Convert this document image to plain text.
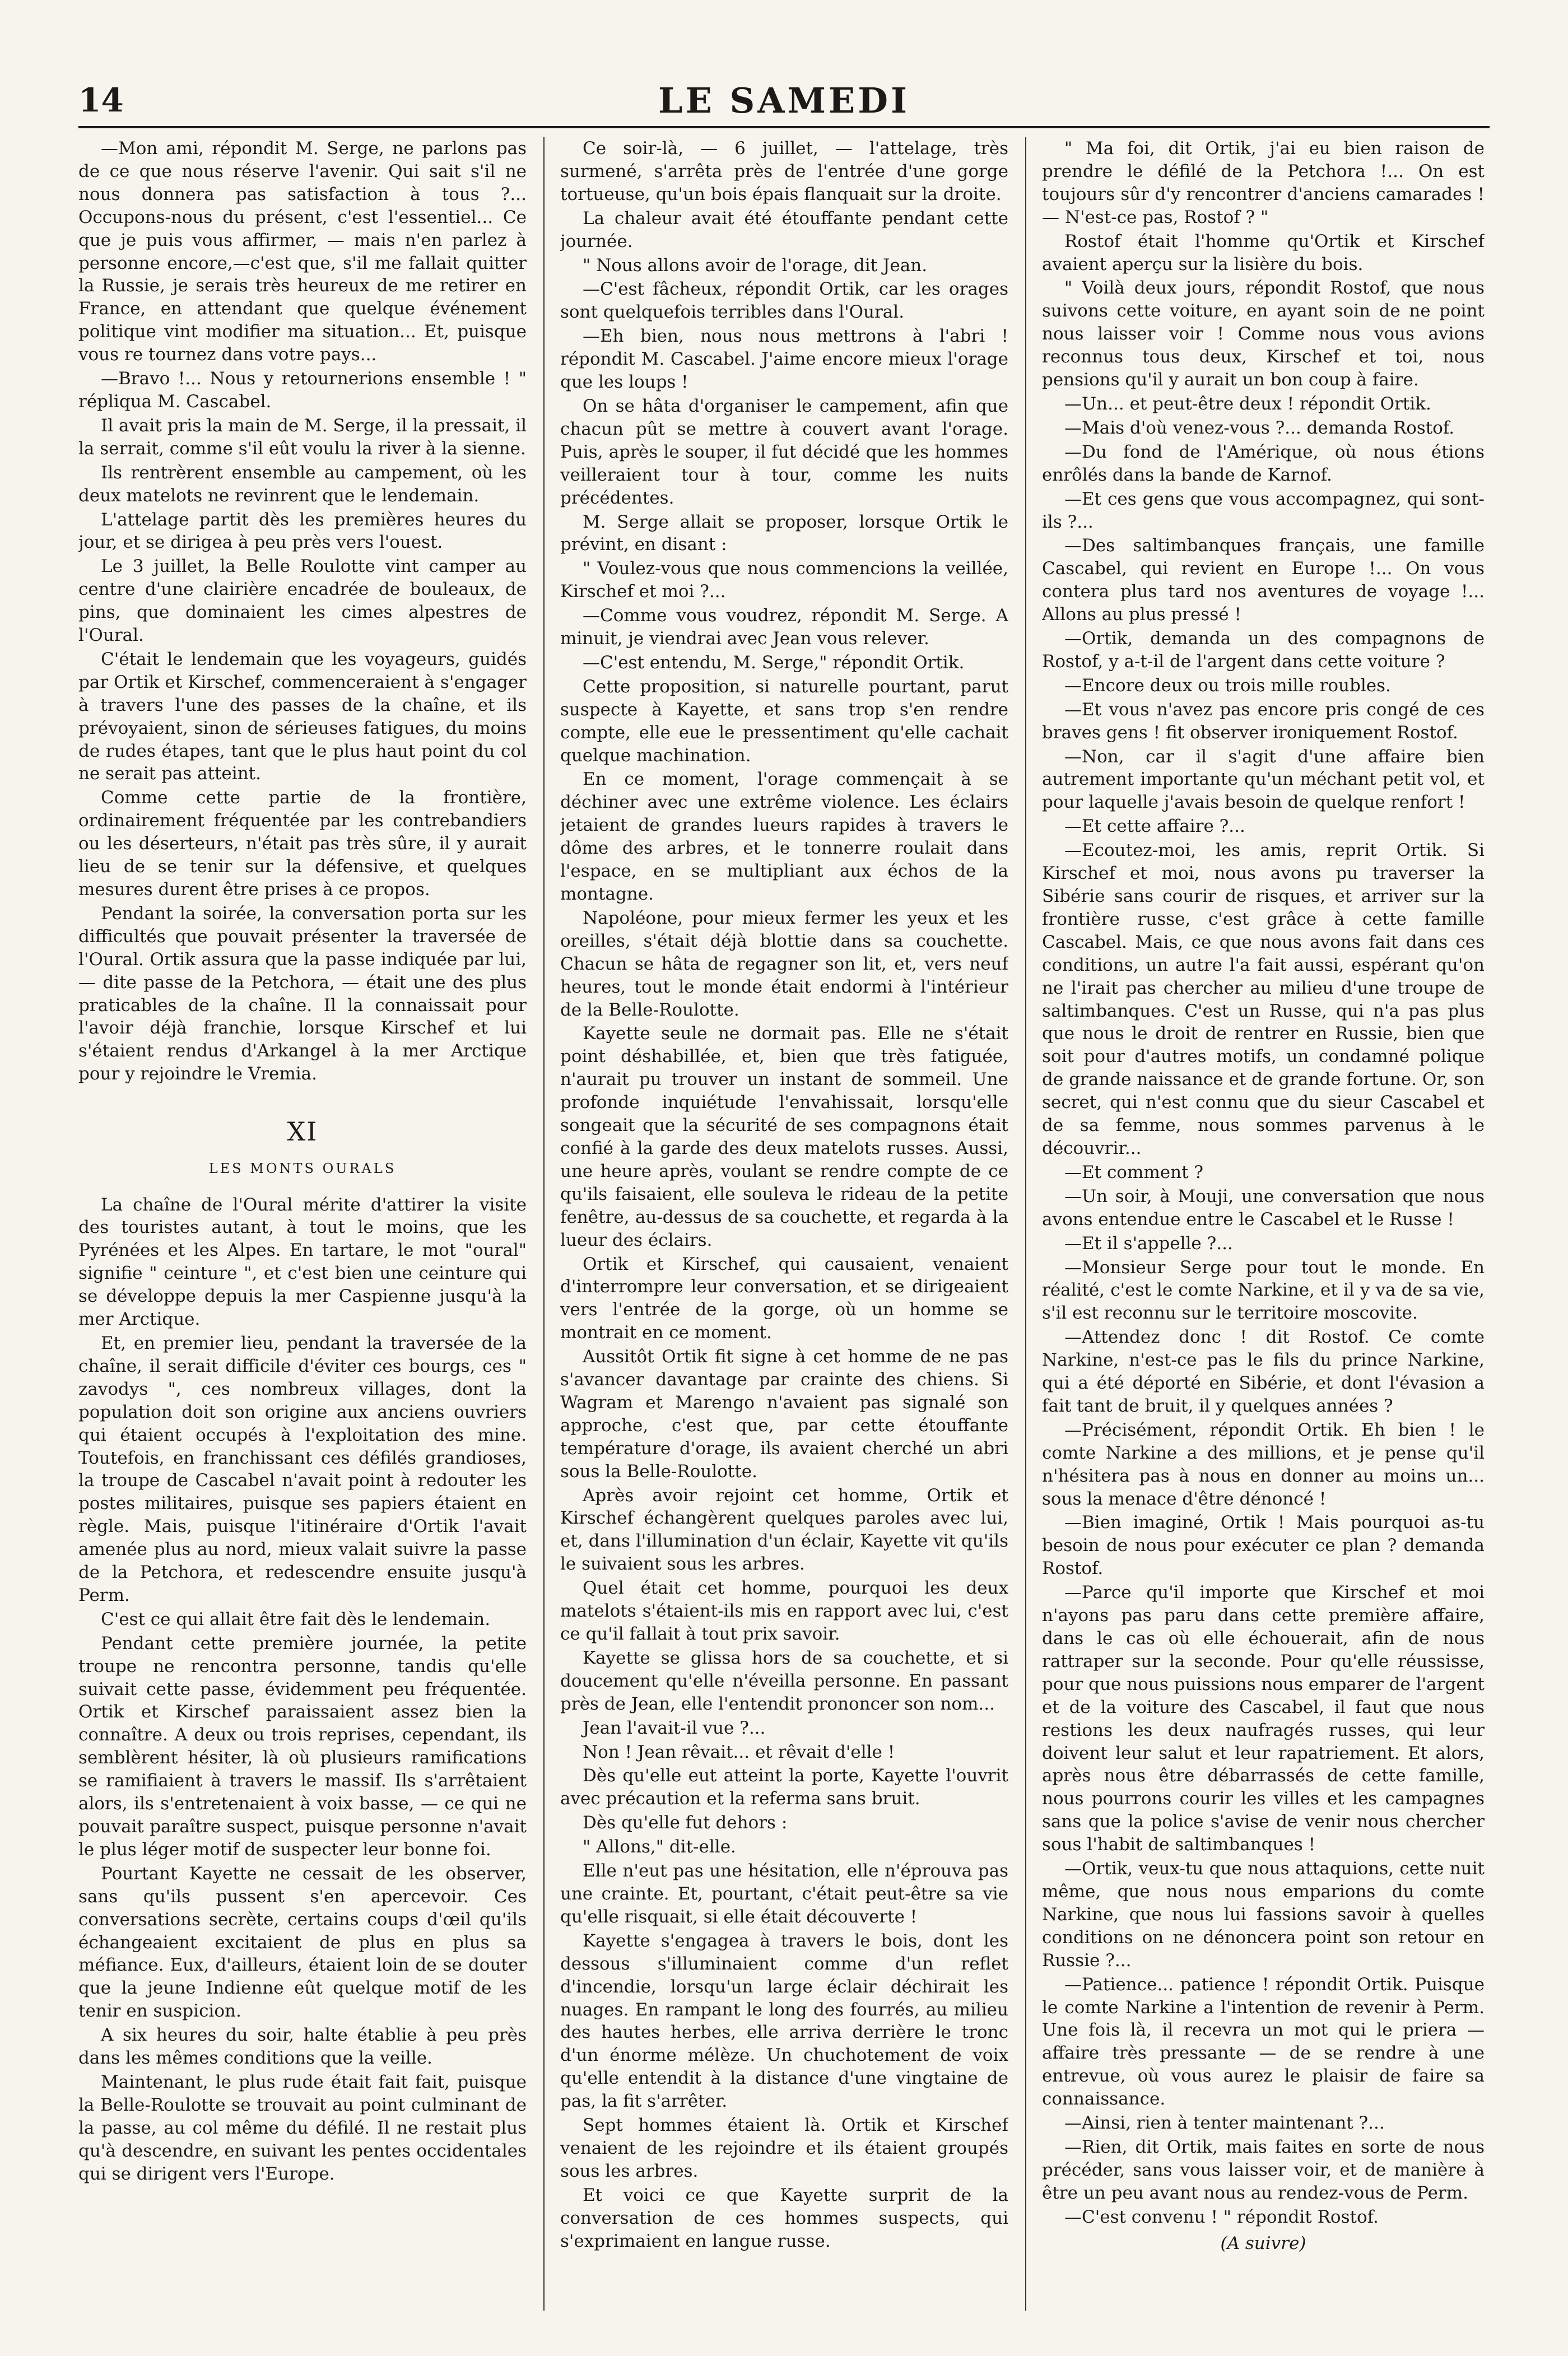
14	LE SAMEDI

—Mon ami, répondit M. Serge, ne parlons pas de ce que nous réserve l'avenir. Qui sait s'il ne nous donnera pas satisfaction à tous ?... Occupons-nous du présent, c'est l'essentiel... Ce que je puis vous affirmer, — mais n'en parlez à personne encore,—c'est que, s'il me fallait quitter la Russie, je serais très heureux de me retirer en France, en attendant que quelque événement politique vint modifier ma situation... Et, puisque vous re tournez dans votre pays...

—Bravo !... Nous y retournerions ensemble ! " répliqua M. Cascabel.

Il avait pris la main de M. Serge, il la pressait, il la serrait, comme s'il eût voulu la river à la sienne.

Ils rentrèrent ensemble au campement, où les deux matelots ne revinrent que le lendemain.

L'attelage partit dès les premières heures du jour, et se dirigea à peu près vers l'ouest.

Le 3 juillet, la Belle Roulotte vint camper au centre d'une clairière encadrée de bouleaux, de pins, que dominaient les cimes alpestres de l'Oural.

C'était le lendemain que les voyageurs, guidés par Ortik et Kirschef, commenceraient à s'engager à travers l'une des passes de la chaîne, et ils prévoyaient, sinon de sérieuses fatigues, du moins de rudes étapes, tant que le plus haut point du col ne serait pas atteint.

Comme cette partie de la frontière, ordinairement fréquentée par les contrebandiers ou les déserteurs, n'était pas très sûre, il y aurait lieu de se tenir sur la défensive, et quelques mesures durent être prises à ce propos.

Pendant la soirée, la conversation porta sur les difficultés que pouvait présenter la traversée de l'Oural. Ortik assura que la passe indiquée par lui, — dite passe de la Petchora, — était une des plus praticables de la chaîne. Il la connaissait pour l'avoir déjà franchie, lorsque Kirschef et lui s'étaient rendus d'Arkangel à la mer Arctique pour y rejoindre le Vremia.

XI
LES MONTS OURALS

La chaîne de l'Oural mérite d'attirer la visite des touristes autant, à tout le moins, que les Pyrénées et les Alpes. En tartare, le mot "oural" signifie " ceinture ", et c'est bien une ceinture qui se développe depuis la mer Caspienne jusqu'à la mer Arctique.

Et, en premier lieu, pendant la traversée de la chaîne, il serait difficile d'éviter ces bourgs, ces " zavodys ", ces nombreux villages, dont la population doit son origine aux anciens ouvriers qui étaient occupés à l'exploitation des mine. Toutefois, en franchissant ces défilés grandioses, la troupe de Cascabel n'avait point à redouter les postes militaires, puisque ses papiers étaient en règle. Mais, puisque l'itinéraire d'Ortik l'avait amenée plus au nord, mieux valait suivre la passe de la Petchora, et redescendre ensuite jusqu'à Perm.

C'est ce qui allait être fait dès le lendemain.

Pendant cette première journée, la petite troupe ne rencontra personne, tandis qu'elle suivait cette passe, évidemment peu fréquentée. Ortik et Kirschef paraissaient assez bien la connaître. A deux ou trois reprises, cependant, ils semblèrent hésiter, là où plusieurs ramifications se ramifiaient à travers le massif. Ils s'arrêtaient alors, ils s'entretenaient à voix basse, — ce qui ne pouvait paraître suspect, puisque personne n'avait le plus léger motif de suspecter leur bonne foi.

Pourtant Kayette ne cessait de les observer, sans qu'ils pussent s'en apercevoir. Ces conversations secrète, certains coups d'œil qu'ils échangeaient excitaient de plus en plus sa méfiance. Eux, d'ailleurs, étaient loin de se douter que la jeune Indienne eût quelque motif de les tenir en suspicion.

A six heures du soir, halte établie à peu près dans les mêmes conditions que la veille.

Maintenant, le plus rude était fait fait, puisque la Belle-Roulotte se trouvait au point culminant de la passe, au col même du défilé. Il ne restait plus qu'à descendre, en suivant les pentes occidentales qui se dirigent vers l'Europe.

Ce soir-là, — 6 juillet, — l'attelage, très surmené, s'arrêta près de l'entrée d'une gorge tortueuse, qu'un bois épais flanquait sur la droite.

La chaleur avait été étouffante pendant cette journée.

" Nous allons avoir de l'orage, dit Jean.

—C'est fâcheux, répondit Ortik, car les orages sont quelquefois terribles dans l'Oural.

—Eh bien, nous nous mettrons à l'abri ! répondit M. Cascabel. J'aime encore mieux l'orage que les loups !

On se hâta d'organiser le campement, afin que chacun pût se mettre à couvert avant l'orage. Puis, après le souper, il fut décidé que les hommes veilleraient tour à tour, comme les nuits précédentes.

M. Serge allait se proposer, lorsque Ortik le prévint, en disant :

" Voulez-vous que nous commencions la veillée, Kirschef et moi ?...

—Comme vous voudrez, répondit M. Serge. A minuit, je viendrai avec Jean vous relever.

—C'est entendu, M. Serge," répondit Ortik.

Cette proposition, si naturelle pourtant, parut suspecte à Kayette, et sans trop s'en rendre compte, elle eue le pressentiment qu'elle cachait quelque machination.

En ce moment, l'orage commençait à se déchiner avec une extrême violence. Les éclairs jetaient de grandes lueurs rapides à travers le dôme des arbres, et le tonnerre roulait dans l'espace, en se multipliant aux échos de la montagne.

Napoléone, pour mieux fermer les yeux et les oreilles, s'était déjà blottie dans sa couchette. Chacun se hâta de regagner son lit, et, vers neuf heures, tout le monde était endormi à l'intérieur de la Belle-Roulotte.

Kayette seule ne dormait pas. Elle ne s'était point déshabillée, et, bien que très fatiguée, n'aurait pu trouver un instant de sommeil. Une profonde inquiétude l'envahissait, lorsqu'elle songeait que la sécurité de ses compagnons était confié à la garde des deux matelots russes. Aussi, une heure après, voulant se rendre compte de ce qu'ils faisaient, elle souleva le rideau de la petite fenêtre, au-dessus de sa couchette, et regarda à la lueur des éclairs.

Ortik et Kirschef, qui causaient, venaient d'interrompre leur conversation, et se dirigeaient vers l'entrée de la gorge, où un homme se montrait en ce moment.

Aussitôt Ortik fit signe à cet homme de ne pas s'avancer davantage par crainte des chiens. Si Wagram et Marengo n'avaient pas signalé son approche, c'est que, par cette étouffante température d'orage, ils avaient cherché un abri sous la Belle-Roulotte.

Après avoir rejoint cet homme, Ortik et Kirschef échangèrent quelques paroles avec lui, et, dans l'illumination d'un éclair, Kayette vit qu'ils le suivaient sous les arbres.

Quel était cet homme, pourquoi les deux matelots s'étaient-ils mis en rapport avec lui, c'est ce qu'il fallait à tout prix savoir.

Kayette se glissa hors de sa couchette, et si doucement qu'elle n'éveilla personne. En passant près de Jean, elle l'entendit prononcer son nom...

Jean l'avait-il vue ?...

Non ! Jean rêvait... et rêvait d'elle !

Dès qu'elle eut atteint la porte, Kayette l'ouvrit avec précaution et la referma sans bruit.

Dès qu'elle fut dehors :

" Allons," dit-elle.

Elle n'eut pas une hésitation, elle n'éprouva pas une crainte. Et, pourtant, c'était peut-être sa vie qu'elle risquait, si elle était découverte !

Kayette s'engagea à travers le bois, dont les dessous s'illuminaient comme d'un reflet d'incendie, lorsqu'un large éclair déchirait les nuages. En rampant le long des fourrés, au milieu des hautes herbes, elle arriva derrière le tronc d'un énorme mélèze. Un chuchotement de voix qu'elle entendit à la distance d'une vingtaine de pas, la fit s'arrêter.

Sept hommes étaient là. Ortik et Kirschef venaient de les rejoindre et ils étaient groupés sous les arbres.

Et voici ce que Kayette surprit de la conversation de ces hommes suspects, qui s'exprimaient en langue russe.

" Ma foi, dit Ortik, j'ai eu bien raison de prendre le défilé de la Petchora !... On est toujours sûr d'y rencontrer d'anciens camarades ! — N'est-ce pas, Rostof ? "

Rostof était l'homme qu'Ortik et Kirschef avaient aperçu sur la lisière du bois.

" Voilà deux jours, répondit Rostof, que nous suivons cette voiture, en ayant soin de ne point nous laisser voir ! Comme nous vous avions reconnus tous deux, Kirschef et toi, nous pensions qu'il y aurait un bon coup à faire.

—Un... et peut-être deux ! répondit Ortik.

—Mais d'où venez-vous ?... demanda Rostof.

—Du fond de l'Amérique, où nous étions enrôlés dans la bande de Karnof.

—Et ces gens que vous accompagnez, qui sont-ils ?...

—Des saltimbanques français, une famille Cascabel, qui revient en Europe !... On vous contera plus tard nos aventures de voyage !... Allons au plus pressé !

—Ortik, demanda un des compagnons de Rostof, y a-t-il de l'argent dans cette voiture ?

—Encore deux ou trois mille roubles.

—Et vous n'avez pas encore pris congé de ces braves gens ! fit observer ironiquement Rostof.

—Non, car il s'agit d'une affaire bien autrement importante qu'un méchant petit vol, et pour laquelle j'avais besoin de quelque renfort !

—Et cette affaire ?...

—Ecoutez-moi, les amis, reprit Ortik. Si Kirschef et moi, nous avons pu traverser la Sibérie sans courir de risques, et arriver sur la frontière russe, c'est grâce à cette famille Cascabel. Mais, ce que nous avons fait dans ces conditions, un autre l'a fait aussi, espérant qu'on ne l'irait pas chercher au milieu d'une troupe de saltimbanques. C'est un Russe, qui n'a pas plus que nous le droit de rentrer en Russie, bien que soit pour d'autres motifs, un condamné polique de grande naissance et de grande fortune. Or, son secret, qui n'est connu que du sieur Cascabel et de sa femme, nous sommes parvenus à le découvrir...

—Et comment ?

—Un soir, à Mouji, une conversation que nous avons entendue entre le Cascabel et le Russe !

—Et il s'appelle ?...

—Monsieur Serge pour tout le monde. En réalité, c'est le comte Narkine, et il y va de sa vie, s'il est reconnu sur le territoire moscovite.

—Attendez donc ! dit Rostof. Ce comte Narkine, n'est-ce pas le fils du prince Narkine, qui a été déporté en Sibérie, et dont l'évasion a fait tant de bruit, il y quelques années ?

—Précisément, répondit Ortik. Eh bien ! le comte Narkine a des millions, et je pense qu'il n'hésitera pas à nous en donner au moins un... sous la menace d'être dénoncé !

—Bien imaginé, Ortik ! Mais pourquoi as-tu besoin de nous pour exécuter ce plan ? demanda Rostof.

—Parce qu'il importe que Kirschef et moi n'ayons pas paru dans cette première affaire, dans le cas où elle échouerait, afin de nous rattraper sur la seconde. Pour qu'elle réussisse, pour que nous puissions nous emparer de l'argent et de la voiture des Cascabel, il faut que nous restions les deux naufragés russes, qui leur doivent leur salut et leur rapatriement. Et alors, après nous être débarrassés de cette famille, nous pourrons courir les villes et les campagnes sans que la police s'avise de venir nous chercher sous l'habit de saltimbanques !

—Ortik, veux-tu que nous attaquions, cette nuit même, que nous nous emparions du comte Narkine, que nous lui fassions savoir à quelles conditions on ne dénoncera point son retour en Russie ?...

—Patience... patience ! répondit Ortik. Puisque le comte Narkine a l'intention de revenir à Perm. Une fois là, il recevra un mot qui le priera — affaire très pressante — de se rendre à une entrevue, où vous aurez le plaisir de faire sa connaissance.

—Ainsi, rien à tenter maintenant ?...

—Rien, dit Ortik, mais faites en sorte de nous précéder, sans vous laisser voir, et de manière à être un peu avant nous au rendez-vous de Perm.

—C'est convenu ! " répondit Rostof.

(A suivre)
